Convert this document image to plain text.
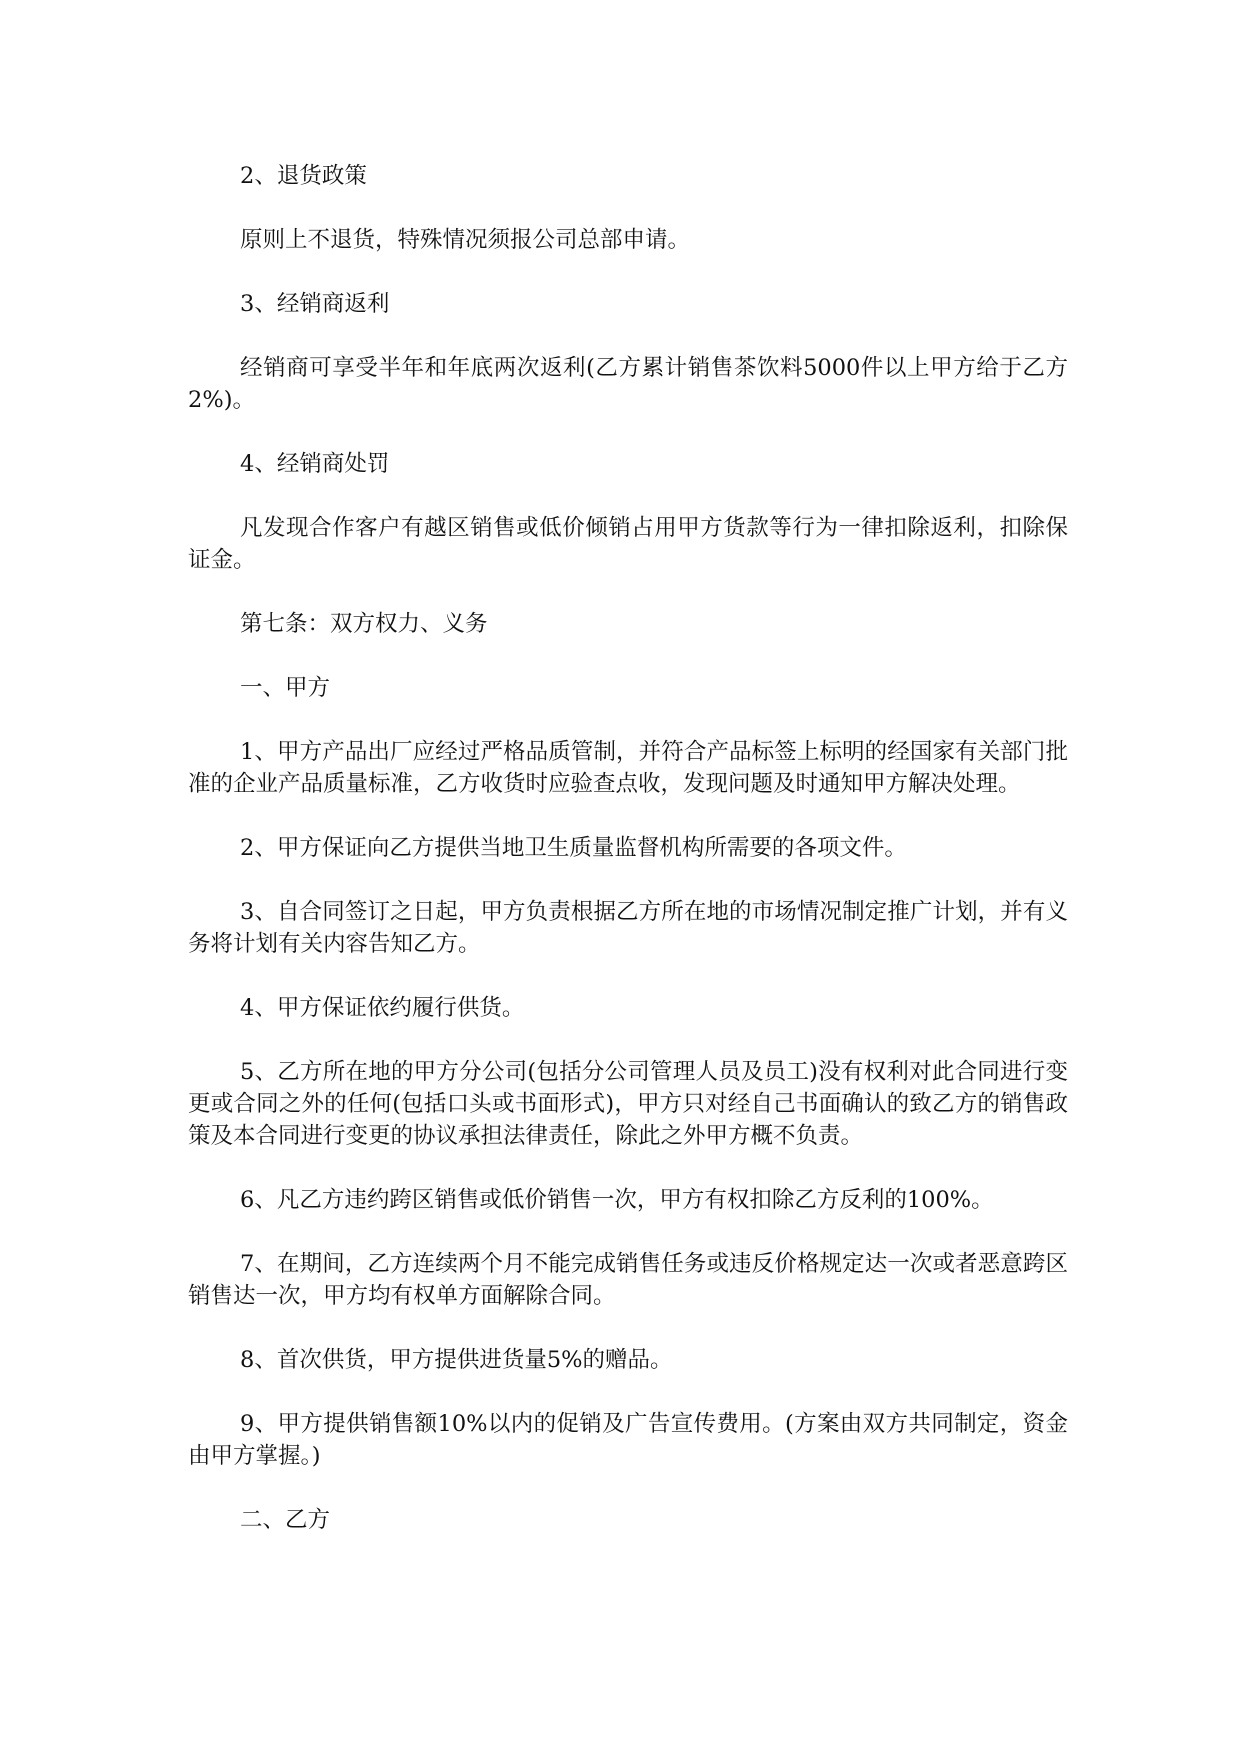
2、退货政策

原则上不退货，特殊情况须报公司总部申请。

3、经销商返利

经销商可享受半年和年底两次返利(乙方累计销售茶饮料5000件以上甲方给于乙方2%)。

4、经销商处罚

凡发现合作客户有越区销售或低价倾销占用甲方货款等行为一律扣除返利，扣除保证金。

第七条：双方权力、义务

一、甲方

1、甲方产品出厂应经过严格品质管制，并符合产品标签上标明的经国家有关部门批准的企业产品质量标准，乙方收货时应验查点收，发现问题及时通知甲方解决处理。

2、甲方保证向乙方提供当地卫生质量监督机构所需要的各项文件。

3、自合同签订之日起，甲方负责根据乙方所在地的市场情况制定推广计划，并有义务将计划有关内容告知乙方。

4、甲方保证依约履行供货。

5、乙方所在地的甲方分公司(包括分公司管理人员及员工)没有权利对此合同进行变更或合同之外的任何(包括口头或书面形式)，甲方只对经自己书面确认的致乙方的销售政策及本合同进行变更的协议承担法律责任，除此之外甲方概不负责。

6、凡乙方违约跨区销售或低价销售一次，甲方有权扣除乙方反利的100%。

7、在期间，乙方连续两个月不能完成销售任务或违反价格规定达一次或者恶意跨区销售达一次，甲方均有权单方面解除合同。

8、首次供货，甲方提供进货量5%的赠品。

9、甲方提供销售额10%以内的促销及广告宣传费用。(方案由双方共同制定，资金由甲方掌握。)

二、乙方
